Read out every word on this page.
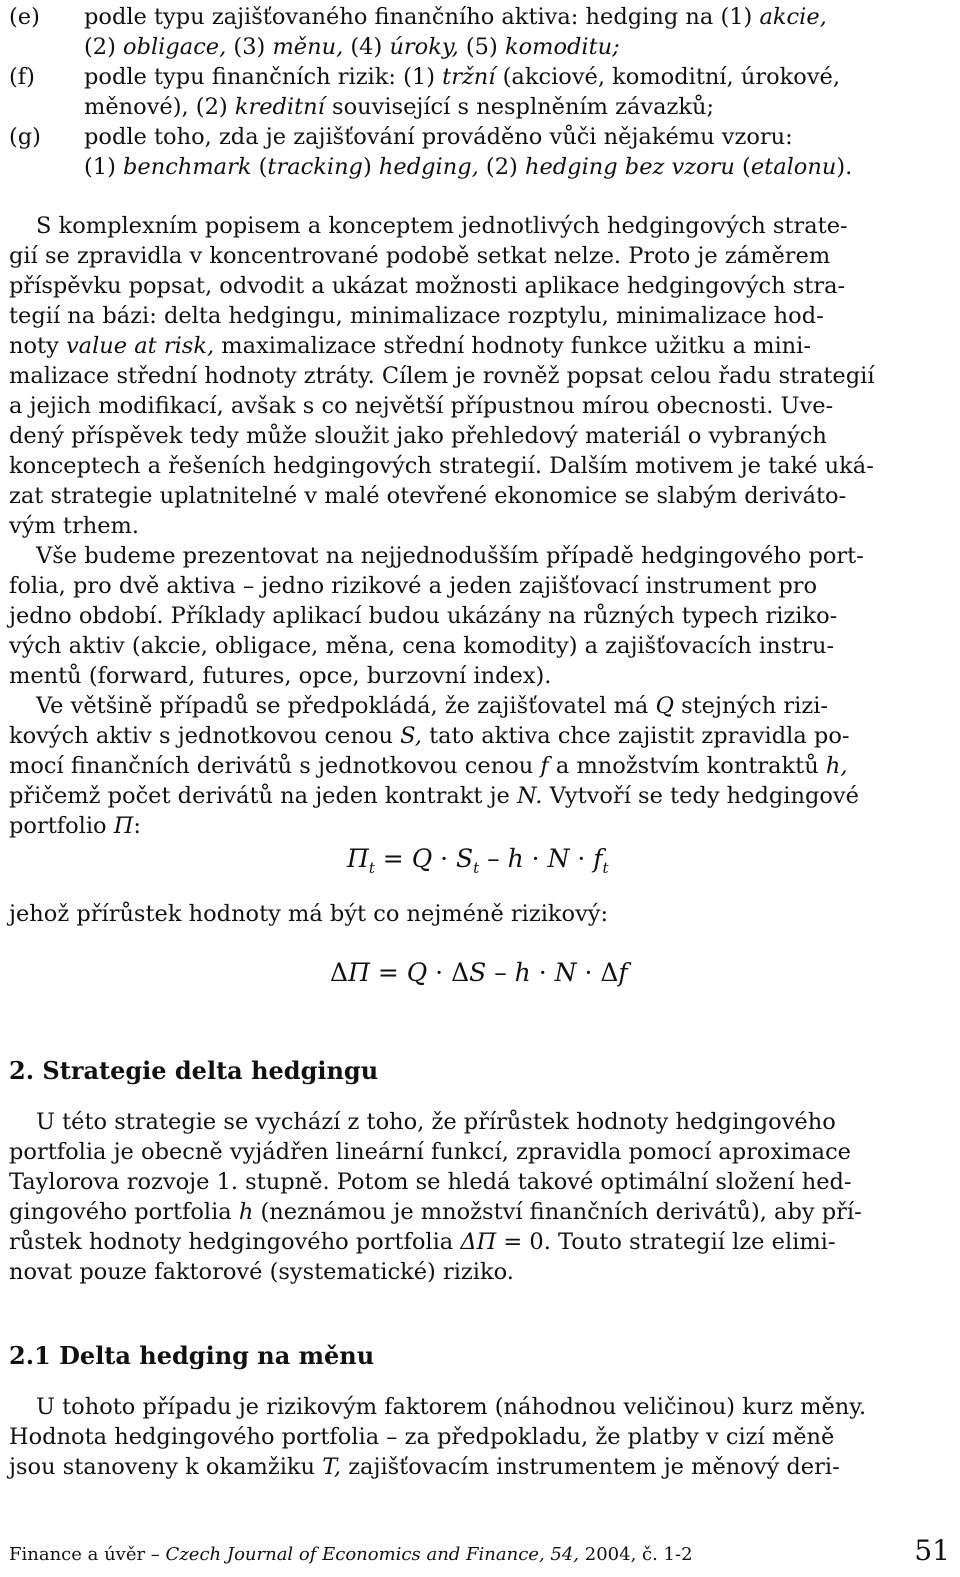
(e) podle typu zajišťovaného finančního aktiva: hedging na (1) akcie,
(2) obligace, (3) měnu, (4) úroky, (5) komoditu;
(f) podle typu finančních rizik: (1) tržní (akciové, komoditní, úrokové,
měnové), (2) kreditní související s nesplněním závazků;
(g) podle toho, zda je zajišťování prováděno vůči nějakému vzoru:
(1) benchmark (tracking) hedging, (2) hedging bez vzoru (etalonu).
S komplexním popisem a konceptem jednotlivých hedgingových strate-
gií se zpravidla v koncentrované podobě setkat nelze. Proto je záměrem
příspěvku popsat, odvodit a ukázat možnosti aplikace hedgingových stra-
tegií na bázi: delta hedgingu, minimalizace rozptylu, minimalizace hod-
noty value at risk, maximalizace střední hodnoty funkce užitku a mini-
malizace střední hodnoty ztráty. Cílem je rovněž popsat celou řadu strategií
a jejich modifikací, avšak s co největší přípustnou mírou obecnosti. Uve-
dený příspěvek tedy může sloužit jako přehledový materiál o vybraných
konceptech a řešeních hedgingových strategií. Dalším motivem je také uká-
zat strategie uplatnitelné v malé otevřené ekonomice se slabým deriváto-
vým trhem.
Vše budeme prezentovat na nejjednodušším případě hedgingového port-
folia, pro dvě aktiva – jedno rizikové a jeden zajišťovací instrument pro
jedno období. Příklady aplikací budou ukázány na různých typech riziko-
vých aktiv (akcie, obligace, měna, cena komodity) a zajišťovacích instru-
mentů (forward, futures, opce, burzovní index).
Ve většině případů se předpokládá, že zajišťovatel má Q stejných rizi-
kových aktiv s jednotkovou cenou S, tato aktiva chce zajistit zpravidla po-
mocí finančních derivátů s jednotkovou cenou f a množstvím kontraktů h,
přičemž počet derivátů na jeden kontrakt je N. Vytvoří se tedy hedgingové
portfolio Π:
$\Pi_t = Q \cdot S_t - h \cdot N \cdot f_t$
jehož přírůstek hodnoty má být co nejméně rizikový:
ΔΠ = Q · ΔS – h · N · Δf
2. Strategie delta hedgingu
U této strategie se vychází z toho, že přírůstek hodnoty hedgingového
portfolia je obecně vyjádřen lineární funkcí, zpravidla pomocí aproximace
Taylorova rozvoje 1. stupně. Potom se hledá takové optimální složení hed-
gingového portfolia h (neznámou je množství finančních derivátů), aby pří-
růstek hodnoty hedgingového portfolia ΔΠ = 0. Touto strategií lze elimi-
novat pouze faktorové (systematické) riziko.
2.1 Delta hedging na měnu
U tohoto případu je rizikovým faktorem (náhodnou veličinou) kurz měny.
Hodnota hedgingového portfolia – za předpokladu, že platby v cizí měně
jsou stanoveny k okamžiku T, zajišťovacím instrumentem je měnový deri-
Finance a úvěr – Czech Journal of Economics and Finance, 54, 2004, č. 1-2	51
